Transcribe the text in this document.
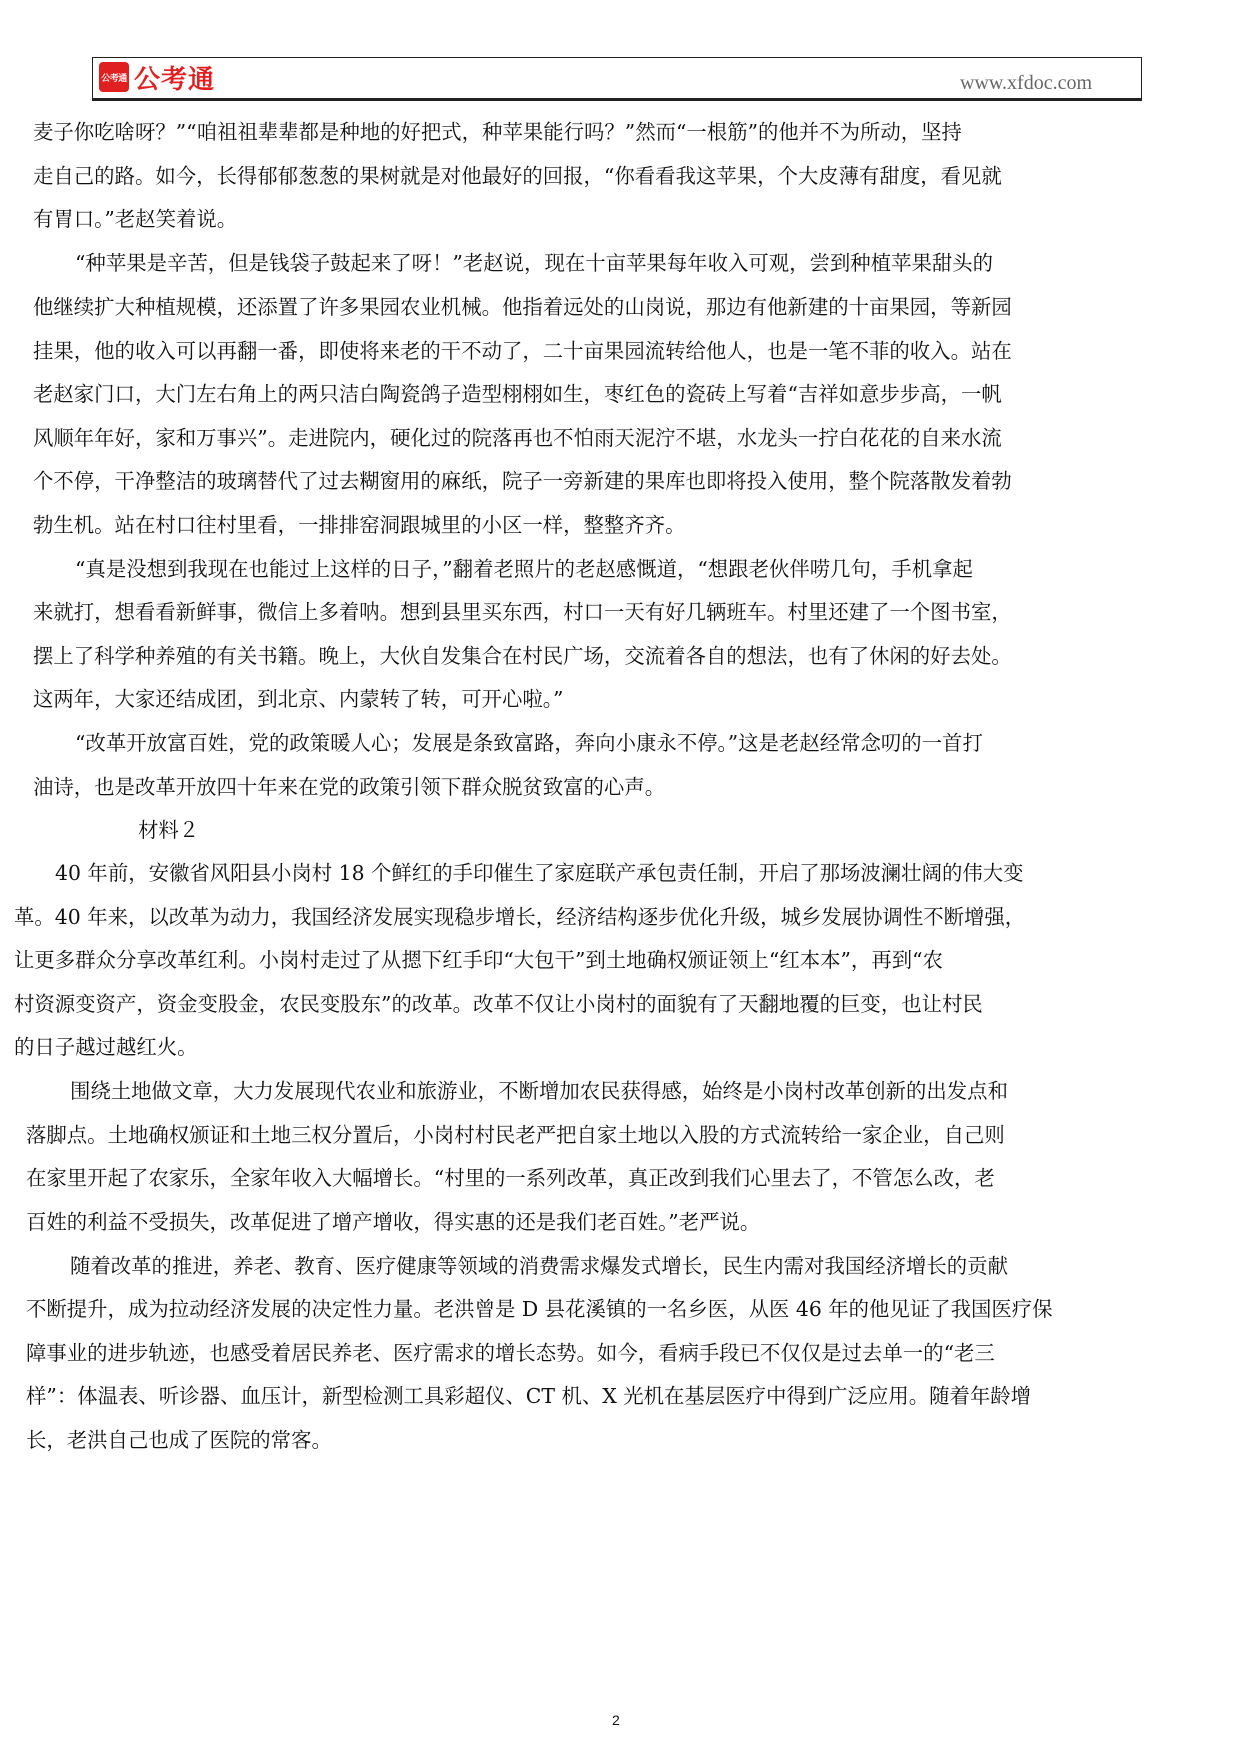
公考通 公考通	www.xfdoc.com
麦子你吃啥呀？”“咱祖祖辈辈都是种地的好把式，种苹果能行吗？”然而“一根筋”的他并不为所动，坚持
走自己的路。如今，长得郁郁葱葱的果树就是对他最好的回报，“你看看我这苹果，个大皮薄有甜度，看见就
有胃口。”老赵笑着说。
“种苹果是辛苦，但是钱袋子鼓起来了呀！”老赵说，现在十亩苹果每年收入可观，尝到种植苹果甜头的
他继续扩大种植规模，还添置了许多果园农业机械。他指着远处的山岗说，那边有他新建的十亩果园，等新园
挂果，他的收入可以再翻一番，即使将来老的干不动了，二十亩果园流转给他人，也是一笔不菲的收入。站在
老赵家门口，大门左右角上的两只洁白陶瓷鸽子造型栩栩如生，枣红色的瓷砖上写着“吉祥如意步步高，一帆
风顺年年好，家和万事兴”。走进院内，硬化过的院落再也不怕雨天泥泞不堪，水龙头一拧白花花的自来水流
个不停，干净整洁的玻璃替代了过去糊窗用的麻纸，院子一旁新建的果库也即将投入使用，整个院落散发着勃
勃生机。站在村口往村里看，一排排窑洞跟城里的小区一样，整整齐齐。
“真是没想到我现在也能过上这样的日子，”翻着老照片的老赵感慨道，“想跟老伙伴唠几句，手机拿起
来就打，想看看新鲜事，微信上多着呐。想到县里买东西，村口一天有好几辆班车。村里还建了一个图书室，
摆上了科学种养殖的有关书籍。晚上，大伙自发集合在村民广场，交流着各自的想法，也有了休闲的好去处。
这两年，大家还结成团，到北京、内蒙转了转，可开心啦。”
“改革开放富百姓，党的政策暖人心；发展是条致富路，奔向小康永不停。”这是老赵经常念叨的一首打
油诗，也是改革开放四十年来在党的政策引领下群众脱贫致富的心声。
材料２
40 年前，安徽省风阳县小岗村 18 个鲜红的手印催生了家庭联产承包责任制，开启了那场波澜壮阔的伟大变
革。40 年来，以改革为动力，我国经济发展实现稳步增长，经济结构逐步优化升级，城乡发展协调性不断增强，
让更多群众分享改革红利。小岗村走过了从摁下红手印“大包干”到土地确权颁证领上“红本本”，再到“农
村资源变资产，资金变股金，农民变股东”的改革。改革不仅让小岗村的面貌有了天翻地覆的巨变，也让村民
的日子越过越红火。
围绕土地做文章，大力发展现代农业和旅游业，不断增加农民获得感，始终是小岗村改革创新的出发点和
落脚点。土地确权颁证和土地三权分置后，小岗村村民老严把自家土地以入股的方式流转给一家企业，自己则
在家里开起了农家乐，全家年收入大幅增长。“村里的一系列改革，真正改到我们心里去了，不管怎么改，老
百姓的利益不受损失，改革促进了增产增收，得实惠的还是我们老百姓。”老严说。
随着改革的推进，养老、教育、医疗健康等领域的消费需求爆发式增长，民生内需对我国经济增长的贡献
不断提升，成为拉动经济发展的决定性力量。老洪曾是 D 县花溪镇的一名乡医，从医 46 年的他见证了我国医疗保
障事业的进步轨迹，也感受着居民养老、医疗需求的增长态势。如今，看病手段已不仅仅是过去单一的“老三
样”：体温表、听诊器、血压计，新型检测工具彩超仪、CT 机、X 光机在基层医疗中得到广泛应用。随着年龄增
长，老洪自己也成了医院的常客。
2
